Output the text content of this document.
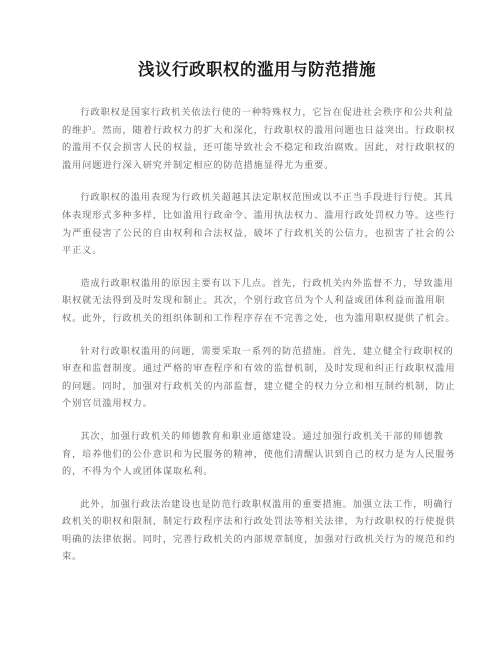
浅议行政职权的滥用与防范措施

行政职权是国家行政机关依法行使的一种特殊权力，它旨在促进社会秩序和公共利益的维护。然而，随着行政权力的扩大和深化，行政职权的滥用问题也日益突出。行政职权的滥用不仅会损害人民的权益，还可能导致社会不稳定和政治腐败。因此，对行政职权的滥用问题进行深入研究并制定相应的防范措施显得尤为重要。

行政职权的滥用表现为行政机关超越其法定职权范围或以不正当手段进行行使。其具体表现形式多种多样，比如滥用行政命令、滥用执法权力、滥用行政处罚权力等。这些行为严重侵害了公民的自由权利和合法权益，破坏了行政机关的公信力，也损害了社会的公平正义。

造成行政职权滥用的原因主要有以下几点。首先，行政机关内外监督不力，导致滥用职权就无法得到及时发现和制止。其次，个别行政官员为个人利益或团体利益而滥用职权。此外，行政机关的组织体制和工作程序存在不完善之处，也为滥用职权提供了机会。

针对行政职权滥用的问题，需要采取一系列的防范措施。首先，建立健全行政职权的审查和监督制度。通过严格的审查程序和有效的监督机制，及时发现和纠正行政职权滥用的问题。同时，加强对行政机关的内部监督，建立健全的权力分立和相互制约机制，防止个别官员滥用权力。

其次，加强行政机关的师德教育和职业道德建设。通过加强行政机关干部的师德教育，培养他们的公仆意识和为民服务的精神，使他们清醒认识到自己的权力是为人民服务的，不得为个人或团体谋取私利。

此外，加强行政法治建设也是防范行政职权滥用的重要措施。加强立法工作，明确行政机关的职权和限制，制定行政程序法和行政处罚法等相关法律，为行政职权的行使提供明确的法律依据。同时，完善行政机关的内部规章制度，加强对行政机关行为的规范和约束。
